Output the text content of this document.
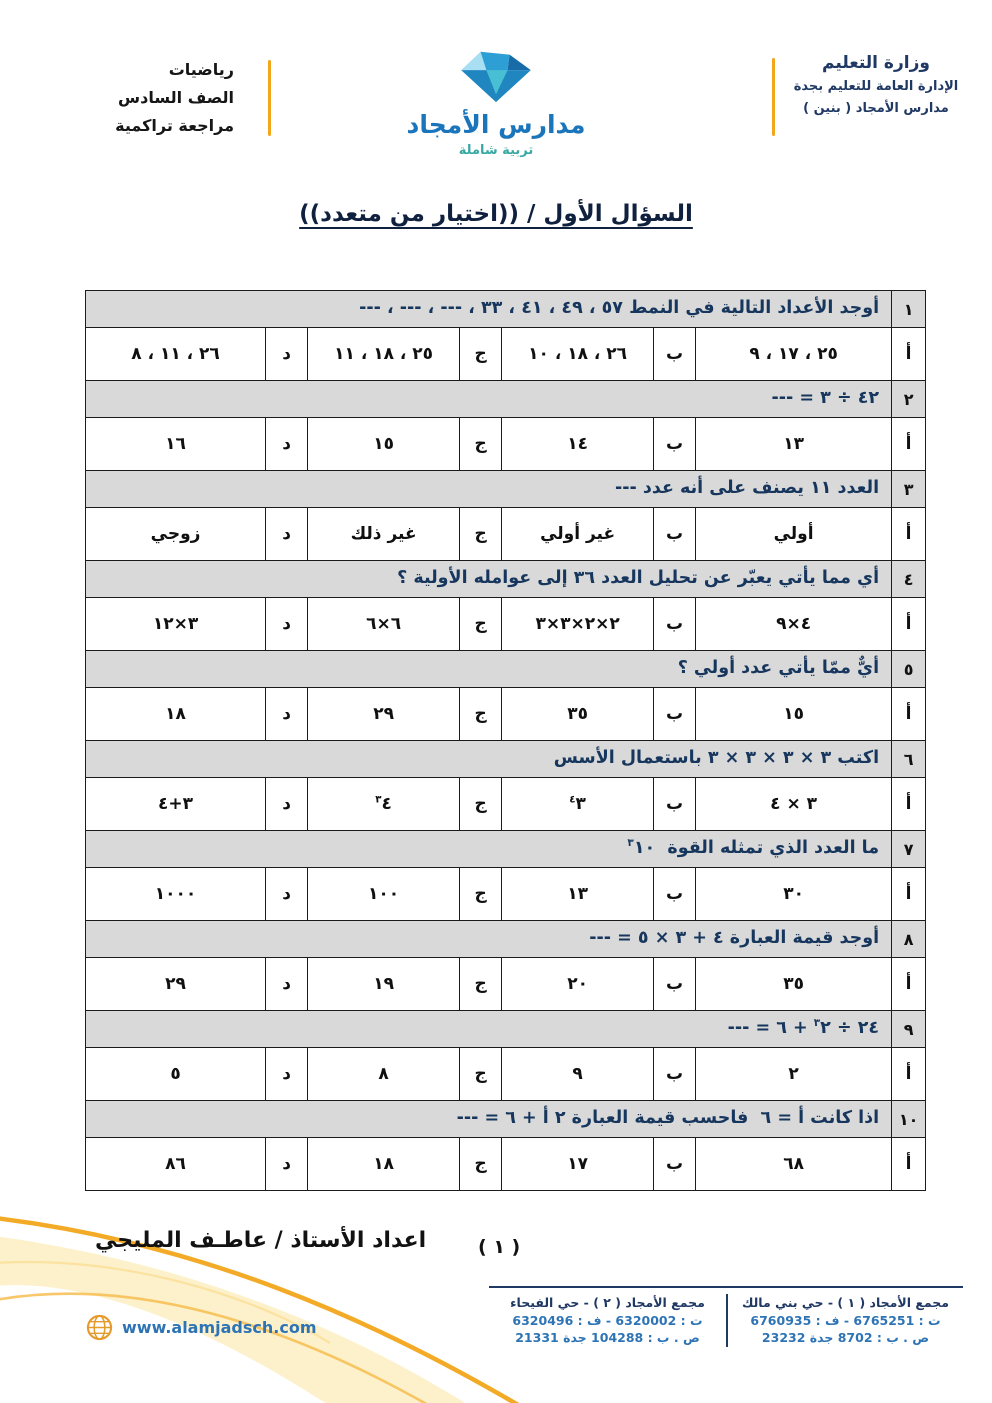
رياضيات
الصف السادس
مراجعة تراكمية	مدارس الأمجاد
تربية شاملة
وزارة التعليم
الإدارة العامة للتعليم بجدة
مدارس الأمجاد ( بنين )
السؤال الأول / ((اختيار من متعدد))
١	أوجد الأعداد التالية في النمط ٥٧ ، ٤٩ ، ٤١ ، ٣٣ ، --- ، --- ، ---						
أ	٢٥ ، ١٧ ، ٩	ب	٢٦ ، ١٨ ، ١٠	ج	٢٥ ، ١٨ ، ١١	د	٢٦ ، ١١ ، ٨
٢	٤٢ ÷ ٣ = ---						
أ	١٣	ب	١٤	ج	١٥	د	١٦
٣	العدد ١١ يصنف على أنه عدد ---						
أ	أولي	ب	غير أولي	ج	غير ذلك	د	زوجي
٤	أي مما يأتي يعبّر عن تحليل العدد ٣٦ إلى عوامله الأولية ؟						
أ	٤×٩	ب	٢×٢×٣×٣	ج	٦×٦	د	٣×١٢
٥	أيٌّ ممّا يأتي عدد أولي ؟						
أ	١٥	ب	٣٥	ج	٢٩	د	١٨
٦	اكتب ٣ × ٣ × ٣ × ٣ باستعمال الأسس						
أ	٣ × ٤	ب	$٣^٤$	ج	$٤^٣$	د	٣+٤
٧	ما العدد الذي تمثله القوة  $١٠^٣$
أ	٣٠	ب	١٣	ج	١٠٠	د	١٠٠٠
٨	أوجد قيمة العبارة ٤ + ٣ × ٥ = ---						
أ	٣٥	ب	٢٠	ج	١٩	د	٢٩
٩	٢٤ ÷ $٢^٣$ + ٦ = ---						
أ	٢	ب	٩	ج	٨	د	٥
١٠	اذا كانت أ = ٦  فاحسب قيمة العبارة ٢ أ + ٦ = ---						
أ	٦٨	ب	١٧	ج	١٨	د	٨٦
اعداد الأستاذ / عاطـف المليجي	( ١ )
مجمع الأمجاد ( ١ ) - حي بني مالك
ت : 6765251 - ف : 6760935
ص . ب : 8702 جدة 23232
مجمع الأمجاد ( ٢ ) - حي الفيحاء
ت : 6320002 - ف : 6320496
ص . ب : 104288 جدة 21331
www.alamjadsch.com
